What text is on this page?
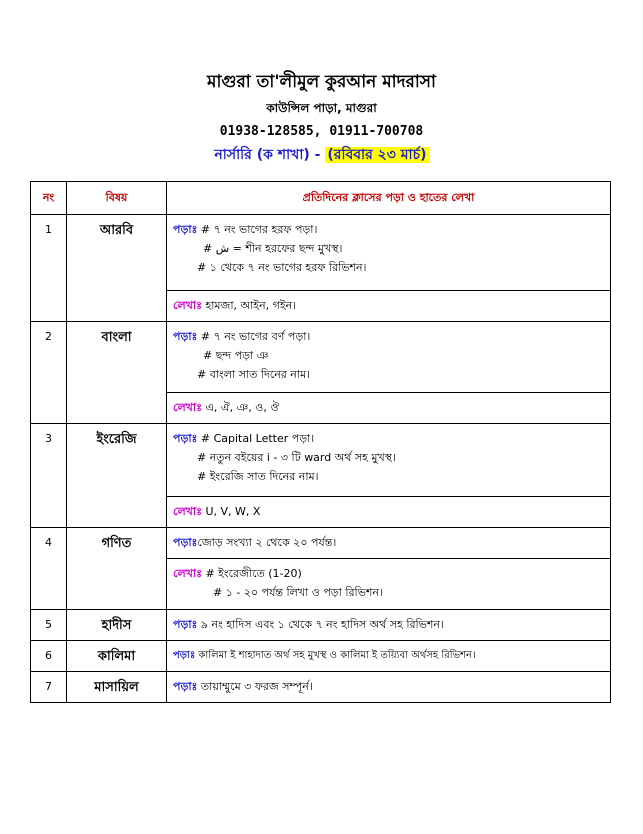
মাগুরা তা'লীমুল কুরআন মাদরাসা
কাউন্সিল পাড়া, মাগুরা
01938-128585, 01911-700708
নার্সারি (ক শাখা) - (রবিবার ২৩ মার্চ)
নং	বিষয়	প্রতিদিনের ক্লাসের পড়া ও হাতের লেখা
1	আরবি	পড়াঃ # ৭ নং ভাগের হরফ পড়া।
# ش = শীন হরফের ছন্দ মুখস্থ।
# ১ থেকে ৭ নং ভাগের হরফ রিভিশন।

		লেখাঃ হামজা, আইন, গইন।

2	বাংলা	পড়াঃ # ৭ নং ভাগের বর্ণ পড়া।
# ছন্দ পড়া ঞ
# বাংলা সাত দিনের নাম।

		লেখাঃ এ, ঐ, ঞ, ও, ঔ

3	ইংরেজি	পড়াঃ # Capital Letter পড়া।
# নতুন বইয়ের i - ৩ টি ward অর্থ সহ মুখস্থ।
# ইংরেজি সাত দিনের নাম।

		লেখাঃ U, V, W, X

4	গণিত	পড়াঃজোড় সংখ্যা ২ থেকে ২০ পর্যন্ত।

		লেখাঃ # ইংরেজীতে (1-20)
# ১ - ২০ পর্যন্ত লিখা ও পড়া রিভিশন।

5	হাদীস	পড়াঃ ৯ নং হাদিস এবং ১ থেকে ৭ নং হাদিস অর্থ সহ রিভিশন।

6	কালিমা	পড়াঃ কালিমা ই শাহাদাত অর্থ সহ মুখস্থ ও কালিমা ই তয়্যিবা অর্থসহ রিভিশন।

7	মাসায়িল	পড়াঃ তায়াম্মুমে ৩ ফরজ সম্পূর্ন।
